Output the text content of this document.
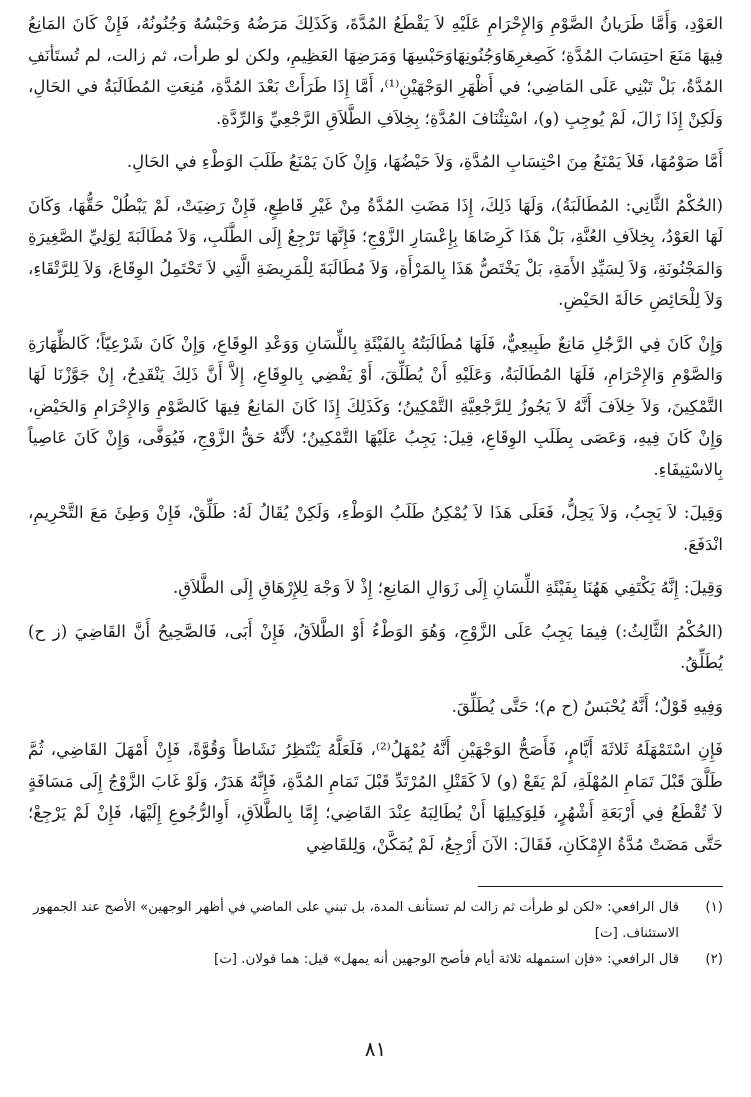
العَوْدِ، وَأَمَّا طَرَيانُ الصَّوْمِ وَالإِحْرَامِ عَلَيْهِ لاَ يَقْطَعُ المُدَّةَ، وَكَذَلِكَ مَرَضُهُ وَحَبْسُهُ وَجُنُونُهُ، فَإِنْ كَانَ المَانِعُ فِيهَا مَنَعَ احتِسَابَ المُدَّةِ؛ كَصِغرِهَاوَجُنُونِهَاوَحَبْسِهَا وَمَرَضِهَا العَظِيمِ، ولكن لو طرأت، ثم زالت، لم تُستَأنَفِ المُدَّةُ، بَلْ تَبْنِي عَلَى المَاضِي؛ في أَظْهَرِ الوَجْهَيْنِ⁽¹⁾، أَمَّا إِذَا طَرَأَتْ بَعْدَ المُدَّةِ، مُنِعَتِ المُطَالَبَةُ في الحَالِ، وَلَكِنْ إِذَا زَالَ، لَمْ يُوجِبِ (و)، اسْتِئْنَافَ المُدَّةِ؛ بِخِلاَفِ الطَّلاَقِ الرَّجْعِيِّ وَالرِّدَّةِ.

أَمَّا صَوْمُهَا، فَلاَ يَمْنَعُ مِنَ احْتِسَابِ المُدَّةِ، وَلاَ حَيْضُهَا، وَإِنْ كَانَ يَمْنَعُ طَلَبَ الوَطْءِ في الحَالِ.

(الحُكْمُ الثَّانِي: المُطَالَبَةُ)، وَلَهَا ذَلِكَ، إِذَا مَضَتِ المُدَّةُ مِنْ غَيْرِ قَاطِعٍ، فَإِنْ رَضِيَتْ، لَمْ يَبْطُلْ حَقُّهَا، وَكَانَ لَهَا العَوْدُ، بِخِلاَفِ العُنَّةِ، بَلْ هَذَا كَرِضَاهَا بِإِعْسَارِ الزَّوْجِ؛ فَإِنَّهَا تَرْجِعُ إِلَى الطَّلَبِ، وَلاَ مُطَالَبَةَ لِوَلِيِّ الصَّغِيرَةِ وَالمَجْنُونَةِ، وَلاَ لِسَيِّدِ الأَمَةِ، بَلْ يَخْتَصُّ هَذَا بِالمَرْأَةِ، وَلاَ مُطَالَبَةَ لِلْمَرِيضَةِ الَّتِي لاَ تَحْتَمِلُ الوِقَاعَ، وَلاَ لِلرَّتْقَاءِ، وَلاَ لِلْحَائِضِ حَالَةَ الحَيْضِ.

وَإِنْ كَانَ فِي الرَّجُلِ مَانِعٌ طَبِيعِيٌّ، فَلَهَا مُطَالَبَتُهُ بِالفَيْئَةِ بِاللِّسَانِ وَوَعْدِ الوِقَاعِ، وَإِنْ كَانَ شَرْعِيّاً؛ كَالظِّهَارَةِ وَالصَّوْمِ وَالإِحْرَامِ، فَلَهَا المُطَالَبَةُ، وَعَلَيْهِ أَنْ يُطَلِّقَ، أَوْ يَفْضِي بِالوِقَاعِ، إِلاَّ أَنَّ ذَلِكَ يَنْقَدِحُ، إِنْ جَوَّزْنَا لَهَا التَّمْكِينَ، وَلاَ خِلاَفَ أَنَّهُ لاَ يَجُوزُ لِلرَّجْعِيَّةِ التَّمْكِينُ؛ وَكَذَلِكَ إِذَا كَانَ المَانِعُ فِيهَا كَالصَّوْمِ وَالإِحْرَامِ وَالحَيْضِ، وَإِنْ كَانَ فِيهِ، وَعَصَى بِطَلَبِ الوِقَاعِ، قِيلَ: يَجِبُ عَلَيْهَا التَّمْكِينُ؛ لأَنَّهُ حَقُّ الزَّوْجِ، فَيُوَفَّى، وَإِنْ كَانَ عَاصِياً بِالاسْتِيفَاءِ.

وَقِيلَ: لاَ يَجِبُ، وَلاَ يَحِلُّ، فَعَلَى هَذَا لاَ يُمْكِنُ طَلَبُ الوَطْءِ، وَلَكِنْ يُقَالُ لَهُ: طَلِّقْ، فَإِنْ وَطِئَ مَعَ التَّحْرِيمِ، انْدَفَعَ.

وَقِيلَ: إِنَّهُ يَكْتَفِي هَهُنَا بِفَيْئَةِ اللِّسَانِ إِلَى زَوَالِ المَانِعِ؛ إِذْ لاَ وَجْهَ لِلإِرْهَاقِ إِلَى الطَّلاَقِ.

(الحُكْمُ الثَّالِثُ:) فِيمَا يَجِبُ عَلَى الزَّوْجِ، وَهُوَ الوَطْءُ أَوْ الطَّلاَقُ، فَإِنْ أَبَى، فَالصَّحِيحُ أَنَّ القَاضِيَ (ز ح) يُطَلِّقُ.

وَفِيهِ قَوْلٌ؛ أَنَّهُ يُحْبَسُ (ح م)؛ حَتَّى يُطَلِّقَ.

فَإِنِ اسْتَمْهَلَهُ ثَلاثَةَ أَيَّامٍ، فَأَصَحُّ الوَجْهَيْنِ أَنَّهُ يُمْهَلُ⁽²⁾، فَلَعَلَّهُ يَنْتَظِرُ نَشَاطاً وَقُوَّةً، فَإِنْ أَمْهَلَ القَاضِي، ثُمَّ طَلَّقَ قَبْلَ تَمَامِ المُهْلَةِ، لَمْ يَقَعْ (و) لاَ كَقَتْلِ المُرْتَدِّ قَبْلَ تَمَامِ المُدَّةِ، فَإِنَّهُ هَدَرٌ، وَلَوْ غَابَ الزَّوْجُ إِلَى مَسَافَةٍ لاَ تُقْطَعُ فِي أَرْبَعَةِ أَشْهُرٍ، فَلِوَكِيلِهَا أَنْ يُطَالِبَهُ عِنْدَ القَاضِي؛ إِمَّا بِالطَّلاَقِ، أَوِالرُّجُوعِ إِلَيْهَا، فَإِنْ لَمْ يَرْجِعْ؛ حَتَّى مَضَتْ مُدَّةُ الإِمْكَانِ، فَقَالَ: الآنَ أَرْجِعُ، لَمْ يُمَكَّنْ، وَلِلقَاضِي

(١)
قال الرافعي: «لكن لو طرأت ثم زالت لم تستأنف المدة، بل تبني على الماضي في أظهر الوجهين» الأصح عند الجمهور الاستئناف. [ت]
(٢)
قال الرافعي: «فإن استمهله ثلاثة أيام فأصح الوجهين أنه يمهل» قيل: هما قولان. [ت]
٨١
